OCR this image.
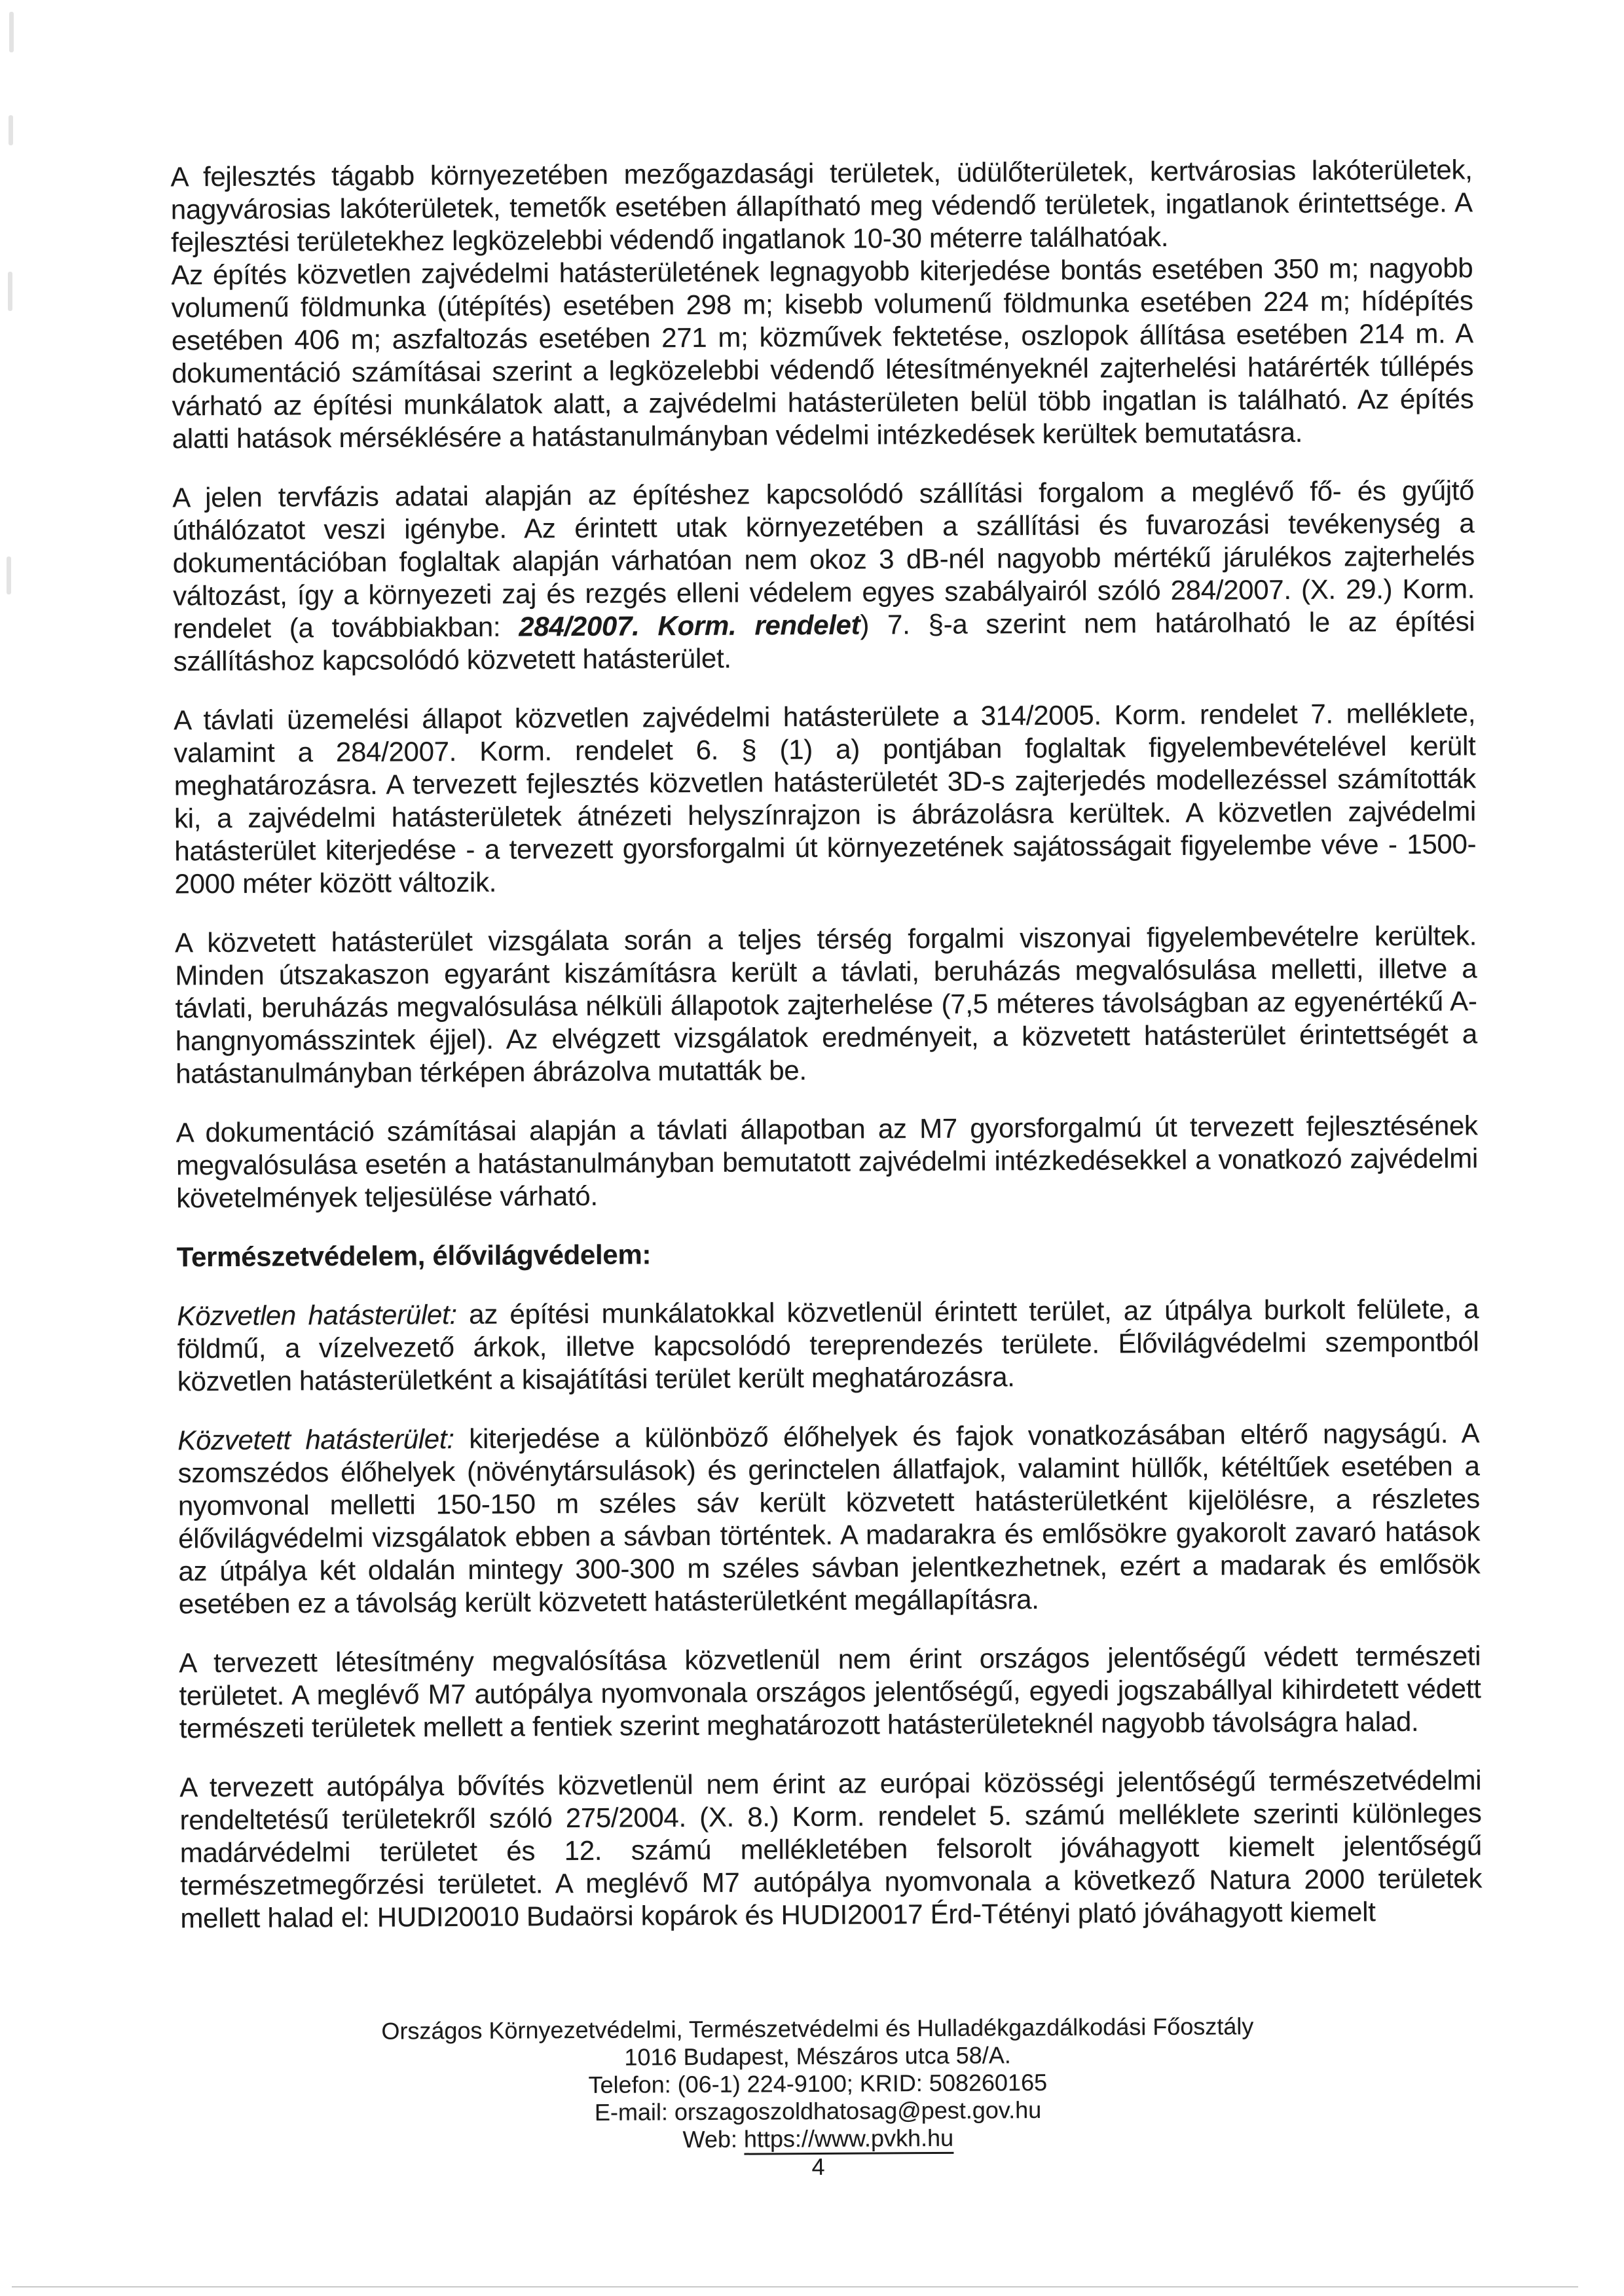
A fejlesztés tágabb környezetében mezőgazdasági területek, üdülőterületek, kertvárosias lakóterületek, nagyvárosias lakóterületek, temetők esetében állapítható meg védendő területek, ingatlanok érintettsége. A fejlesztési területekhez legközelebbi védendő ingatlanok 10-30 méterre találhatóak.

Az építés közvetlen zajvédelmi hatásterületének legnagyobb kiterjedése bontás esetében 350 m; nagyobb volumenű földmunka (útépítés) esetében 298 m; kisebb volumenű földmunka esetében 224 m; hídépítés esetében 406 m; aszfaltozás esetében 271 m; közművek fektetése, oszlopok állítása esetében 214 m. A dokumentáció számításai szerint a legközelebbi védendő létesítményeknél zajterhelési határérték túllépés várható az építési munkálatok alatt, a zajvédelmi hatásterületen belül több ingatlan is található. Az építés alatti hatások mérséklésére a hatástanulmányban védelmi intézkedések kerültek bemutatásra.

A jelen tervfázis adatai alapján az építéshez kapcsolódó szállítási forgalom a meglévő fő- és gyűjtő úthálózatot veszi igénybe. Az érintett utak környezetében a szállítási és fuvarozási tevékenység a dokumentációban foglaltak alapján várhatóan nem okoz 3 dB-nél nagyobb mértékű járulékos zajterhelés változást, így a környezeti zaj és rezgés elleni védelem egyes szabályairól szóló 284/2007. (X. 29.) Korm. rendelet (a továbbiakban: 284/2007. Korm. rendelet) 7. §-a szerint nem határolható le az építési szállításhoz kapcsolódó közvetett hatásterület.

A távlati üzemelési állapot közvetlen zajvédelmi hatásterülete a 314/2005. Korm. rendelet 7. melléklete, valamint a 284/2007. Korm. rendelet 6. § (1) a) pontjában foglaltak figyelembevételével került meghatározásra. A tervezett fejlesztés közvetlen hatásterületét 3D-s zajterjedés modellezéssel számították ki, a zajvédelmi hatásterületek átnézeti helyszínrajzon is ábrázolásra kerültek. A közvetlen zajvédelmi hatásterület kiterjedése - a tervezett gyorsforgalmi út környezetének sajátosságait figyelembe véve - 1500-2000 méter között változik.

A közvetett hatásterület vizsgálata során a teljes térség forgalmi viszonyai figyelembevételre kerültek. Minden útszakaszon egyaránt kiszámításra került a távlati, beruházás megvalósulása melletti, illetve a távlati, beruházás megvalósulása nélküli állapotok zajterhelése (7,5 méteres távolságban az egyenértékű A-hangnyomásszintek éjjel). Az elvégzett vizsgálatok eredményeit, a közvetett hatásterület érintettségét a hatástanulmányban térképen ábrázolva mutatták be.

A dokumentáció számításai alapján a távlati állapotban az M7 gyorsforgalmú út tervezett fejlesztésének megvalósulása esetén a hatástanulmányban bemutatott zajvédelmi intézkedésekkel a vonatkozó zajvédelmi követelmények teljesülése várható.

Természetvédelem, élővilágvédelem:

Közvetlen hatásterület: az építési munkálatokkal közvetlenül érintett terület, az útpálya burkolt felülete, a földmű, a vízelvezető árkok, illetve kapcsolódó tereprendezés területe. Élővilágvédelmi szempontból közvetlen hatásterületként a kisajátítási terület került meghatározásra.

Közvetett hatásterület: kiterjedése a különböző élőhelyek és fajok vonatkozásában eltérő nagyságú. A szomszédos élőhelyek (növénytársulások) és gerinctelen állatfajok, valamint hüllők, kétéltűek esetében a nyomvonal melletti 150-150 m széles sáv került közvetett hatásterületként kijelölésre, a részletes élővilágvédelmi vizsgálatok ebben a sávban történtek. A madarakra és emlősökre gyakorolt zavaró hatások az útpálya két oldalán mintegy 300-300 m széles sávban jelentkezhetnek, ezért a madarak és emlősök esetében ez a távolság került közvetett hatásterületként megállapításra.

A tervezett létesítmény megvalósítása közvetlenül nem érint országos jelentőségű védett természeti területet. A meglévő M7 autópálya nyomvonala országos jelentőségű, egyedi jogszabállyal kihirdetett védett természeti területek mellett a fentiek szerint meghatározott hatásterületeknél nagyobb távolságra halad.

A tervezett autópálya bővítés közvetlenül nem érint az európai közösségi jelentőségű természetvédelmi rendeltetésű területekről szóló 275/2004. (X. 8.) Korm. rendelet 5. számú melléklete szerinti különleges madárvédelmi területet és 12. számú mellékletében felsorolt jóváhagyott kiemelt jelentőségű természetmegőrzési területet. A meglévő M7 autópálya nyomvonala a következő Natura 2000 területek mellett halad el: HUDI20010 Budaörsi kopárok és HUDI20017 Érd-Tétényi plató jóváhagyott kiemelt

Országos Környezetvédelmi, Természetvédelmi és Hulladékgazdálkodási Főosztály

1016 Budapest, Mészáros utca 58/A.

Telefon: (06-1) 224-9100; KRID: 508260165

E-mail: orszagoszoldhatosag@pest.gov.hu

Web: https://www.pvkh.hu

4
